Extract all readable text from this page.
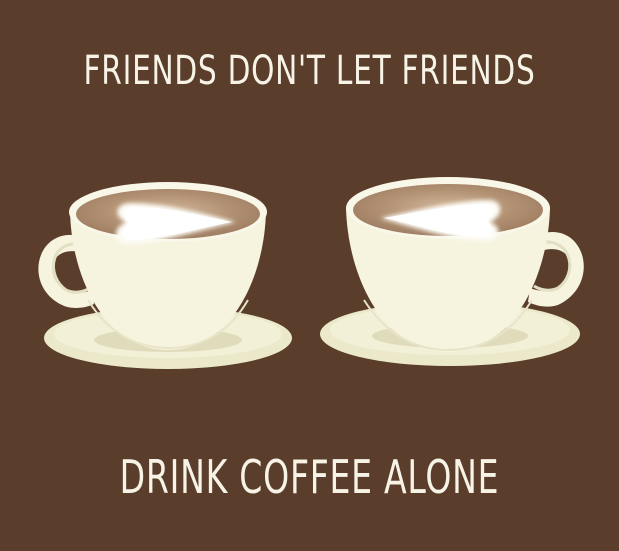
FRIENDS DON'T LET FRIENDS
DRINK COFFEE ALONE
